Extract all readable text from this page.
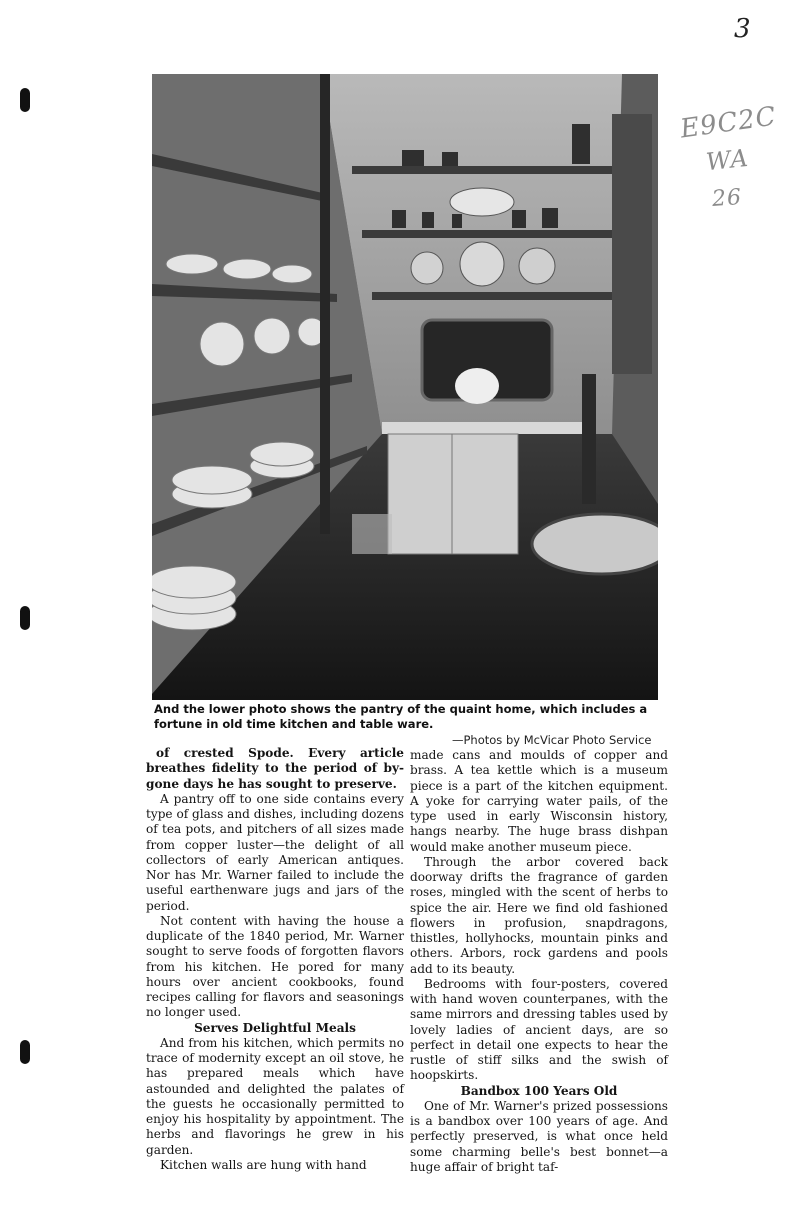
3
E9C2C
WA
26
And the lower photo shows the pantry of the quaint home, which includes a fortune in old time kitchen and table ware.
—Photos by McVicar Photo Service

of crested Spode. Every article breathes fidelity to the period of by-gone days he has sought to preserve.

A pantry off to one side contains every type of glass and dishes, including dozens of tea pots, and pitchers of all sizes made from copper luster—the delight of all collectors of early American antiques. Nor has Mr. Warner failed to include the useful earthenware jugs and jars of the period.

Not content with having the house a duplicate of the 1840 period, Mr. Warner sought to serve foods of forgotten flavors from his kitchen. He pored for many hours over ancient cookbooks, found recipes calling for flavors and seasonings no longer used.

Serves Delightful Meals

And from his kitchen, which permits no trace of modernity except an oil stove, he has prepared meals which have astounded and delighted the palates of the guests he occasionally permitted to enjoy his hospitality by appointment. The herbs and flavorings he grew in his garden.

Kitchen walls are hung with hand

made cans and moulds of copper and brass. A tea kettle which is a museum piece is a part of the kitchen equipment. A yoke for carrying water pails, of the type used in early Wisconsin history, hangs nearby. The huge brass dishpan would make another museum piece.

Through the arbor covered back doorway drifts the fragrance of garden roses, mingled with the scent of herbs to spice the air. Here we find old fashioned flowers in profusion, snapdragons, thistles, hollyhocks, mountain pinks and others. Arbors, rock gardens and pools add to its beauty.

Bedrooms with four-posters, covered with hand woven counterpanes, with the same mirrors and dressing tables used by lovely ladies of ancient days, are so perfect in detail one expects to hear the rustle of stiff silks and the swish of hoopskirts.

Bandbox 100 Years Old

One of Mr. Warner's prized possessions is a bandbox over 100 years of age. And perfectly preserved, is what once held some charming belle's best bonnet—a huge affair of bright taf-
